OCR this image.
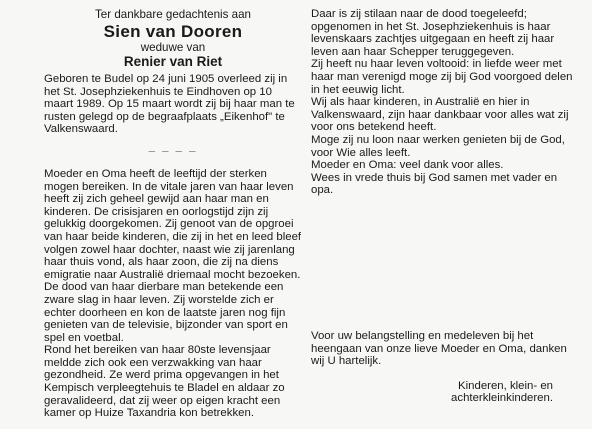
Ter dankbare gedachtenis aan
Sien van Dooren
weduwe van
Renier van Riet

Geboren te Budel op 24 juni 1905 overleed zij in het St. Josephziekenhuis te Eindhoven op 10 maart 1989. Op 15 maart wordt zij bij haar man te rusten gelegd op de begraafplaats „Eikenhof" te Valkenswaard.

_ _ _ _

Moeder en Oma heeft de leeftijd der sterken mogen bereiken. In de vitale jaren van haar leven heeft zij zich geheel gewijd aan haar man en kinderen. De crisisjaren en oorlogstijd zijn zij gelukkig doorgekomen. Zij genoot van de opgroei van haar beide kinderen, die zij in het en leed bleef volgen zowel haar dochter, naast wie zij jarenlang haar thuis vond, als haar zoon, die zij na diens emigratie naar Australië driemaal mocht bezoeken.

De dood van haar dierbare man betekende een zware slag in haar leven. Zij worstelde zich er echter doorheen en kon de laatste jaren nog fijn genieten van de televisie, bijzonder van sport en spel en voetbal.

Rond het bereiken van haar 80ste levensjaar meldde zich ook een verzwakking van haar gezondheid. Ze werd prima opgevangen in het Kempisch verpleegtehuis te Bladel en aldaar zo geravalideerd, dat zij weer op eigen kracht een kamer op Huize Taxandria kon betrekken.

Daar is zij stilaan naar de dood toegeleefd; opgenomen in het St. Josephziekenhuis is haar levenskaars zachtjes uitgegaan en heeft zij haar leven aan haar Schepper teruggegeven.

Zij heeft nu haar leven voltooid: in liefde weer met haar man verenigd moge zij bij God voorgoed delen in het eeuwig licht.

Wij als haar kinderen, in Australië en hier in Valkenswaard, zijn haar dankbaar voor alles wat zij voor ons betekend heeft.

Moge zij nu loon naar werken genieten bij de God, voor Wie alles leeft.

Moeder en Oma: veel dank voor alles.

Wees in vrede thuis bij God samen met vader en opa.

Voor uw belangstelling en medeleven bij het heengaan van onze lieve Moeder en Oma, danken wij U hartelijk.

Kinderen, klein- en
achterkleinkinderen.
